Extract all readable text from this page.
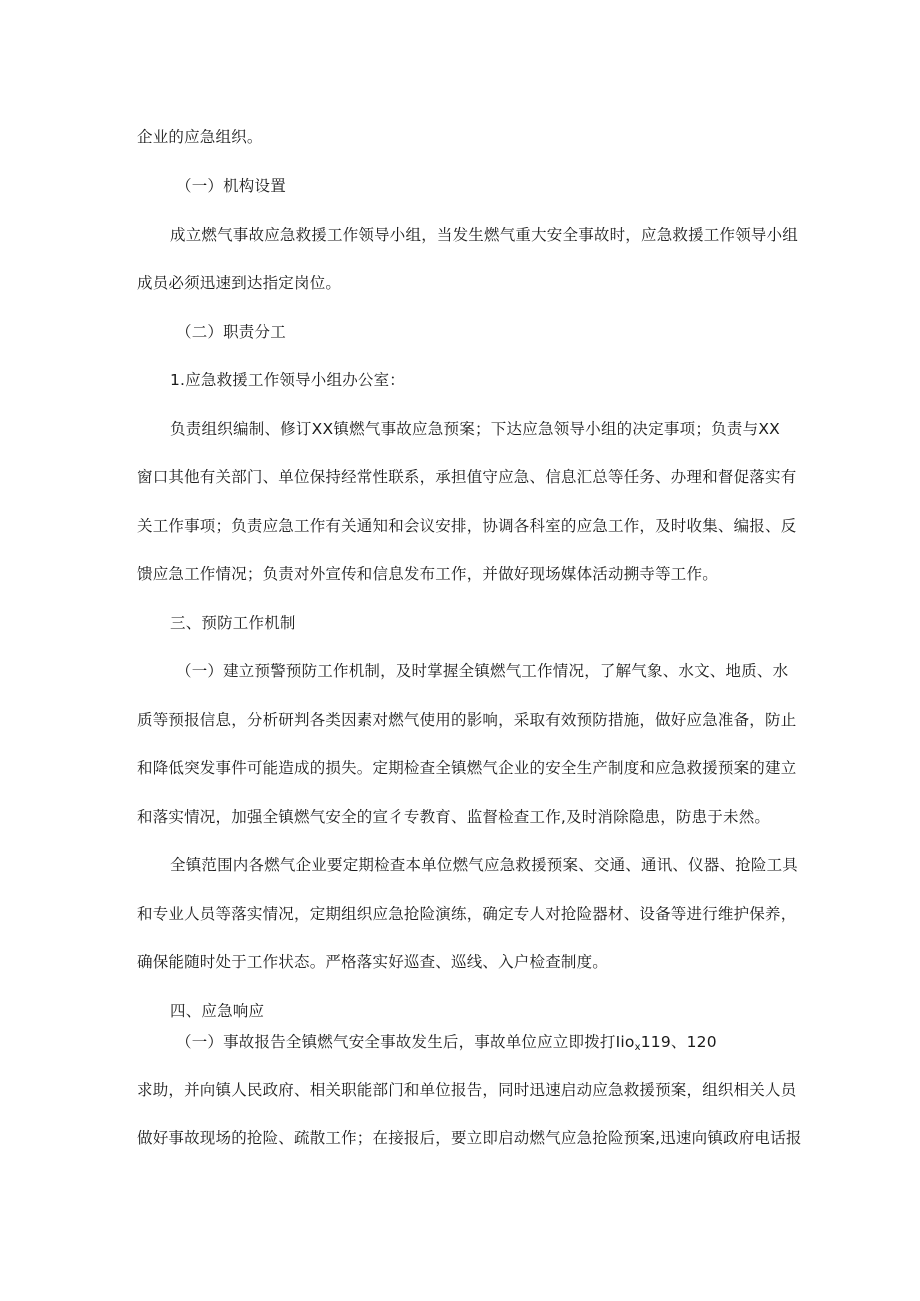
企业的应急组织。
（一）机构设置
成立燃气事故应急救援工作领导小组，当发生燃气重大安全事故时，应急救援工作领导小组
成员必须迅速到达指定岗位。
（二）职责分工
1.应急救援工作领导小组办公室：
负责组织编制、修订XX镇燃气事故应急预案；下达应急领导小组的决定事项；负责与XX
窗口其他有关部门、单位保持经常性联系，承担值守应急、信息汇总等任务、办理和督促落实有
关工作事项；负责应急工作有关通知和会议安排，协调各科室的应急工作，及时收集、编报、反
馈应急工作情况；负责对外宣传和信息发布工作，并做好现场媒体活动搠寺等工作。
三、预防工作机制
（一）建立预警预防工作机制，及时掌握全镇燃气工作情况，了解气象、水文、地质、水
质等预报信息，分析研判各类因素对燃气使用的影响，采取有效预防措施，做好应急准备，防止
和降低突发事件可能造成的损失。定期检查全镇燃气企业的安全生产制度和应急救援预案的建立
和落实情况，加强全镇燃气安全的宣彳专教育、监督检查工作,及时消除隐患，防患于未然。
全镇范围内各燃气企业要定期检查本单位燃气应急救援预案、交通、通讯、仪器、抢险工具
和专业人员等落实情况，定期组织应急抢险演练，确定专人对抢险器材、设备等进行维护保养，
确保能随时处于工作状态。严格落实好巡查、巡线、入户检查制度。
四、应急响应
（一）事故报告全镇燃气安全事故发生后，事故单位应立即拨打Iio$_x$119、120
求助，并向镇人民政府、相关职能部门和单位报告，同时迅速启动应急救援预案，组织相关人员
做好事故现场的抢险、疏散工作；在接报后，要立即启动燃气应急抢险预案,迅速向镇政府电话报
